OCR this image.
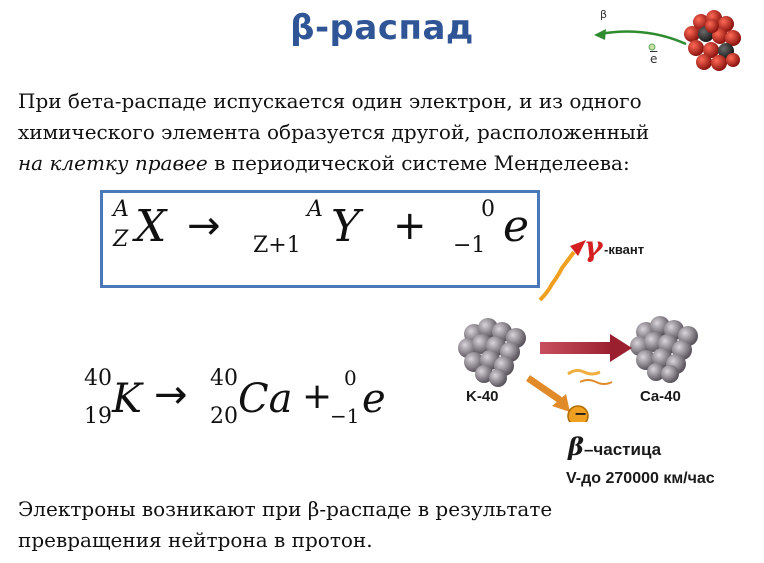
β-распад	β
$\overline{e}$
При бета-распаде испускается один электрон, и из одного
химического элемента образуется другой, расположенный
на клетку правее в периодической системе Менделеева:
A
Z X →	A
Z+1 Y + 0
−1 e
40
19 K → 40
20 Ca + 0
−1 e
γ -квант
K-40	Ca-40
−
β–частица
V-до 270000 км/час
Электроны возникают при β-распаде в результате
превращения нейтрона в протон.
